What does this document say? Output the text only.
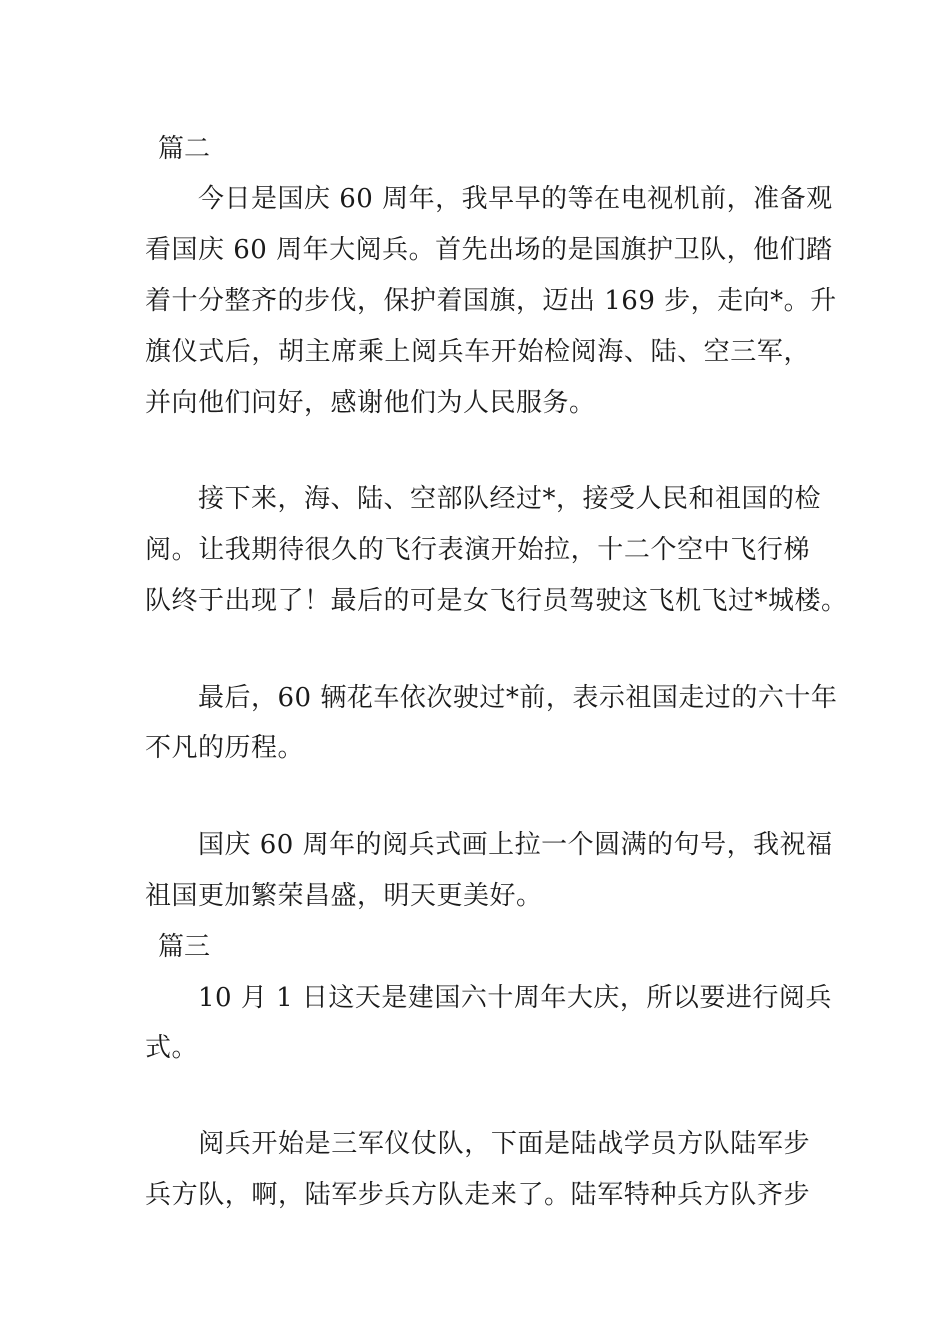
篇二
　　今日是国庆 60 周年，我早早的等在电视机前，准备观
看国庆 60 周年大阅兵。首先出场的是国旗护卫队，他们踏
着十分整齐的步伐，保护着国旗，迈出 169 步，走向*。升
旗仪式后，胡主席乘上阅兵车开始检阅海、陆、空三军，
并向他们问好，感谢他们为人民服务。
　　接下来，海、陆、空部队经过*，接受人民和祖国的检
阅。让我期待很久的飞行表演开始拉，十二个空中飞行梯
队终于出现了！最后的可是女飞行员驾驶这飞机飞过*城楼。
　　最后，60 辆花车依次驶过*前，表示祖国走过的六十年
不凡的历程。
　　国庆 60 周年的阅兵式画上拉一个圆满的句号，我祝福
祖国更加繁荣昌盛，明天更美好。
篇三
　　10 月 1 日这天是建国六十周年大庆，所以要进行阅兵
式。
　　阅兵开始是三军仪仗队，下面是陆战学员方队陆军步
兵方队，啊，陆军步兵方队走来了。陆军特种兵方队齐步
